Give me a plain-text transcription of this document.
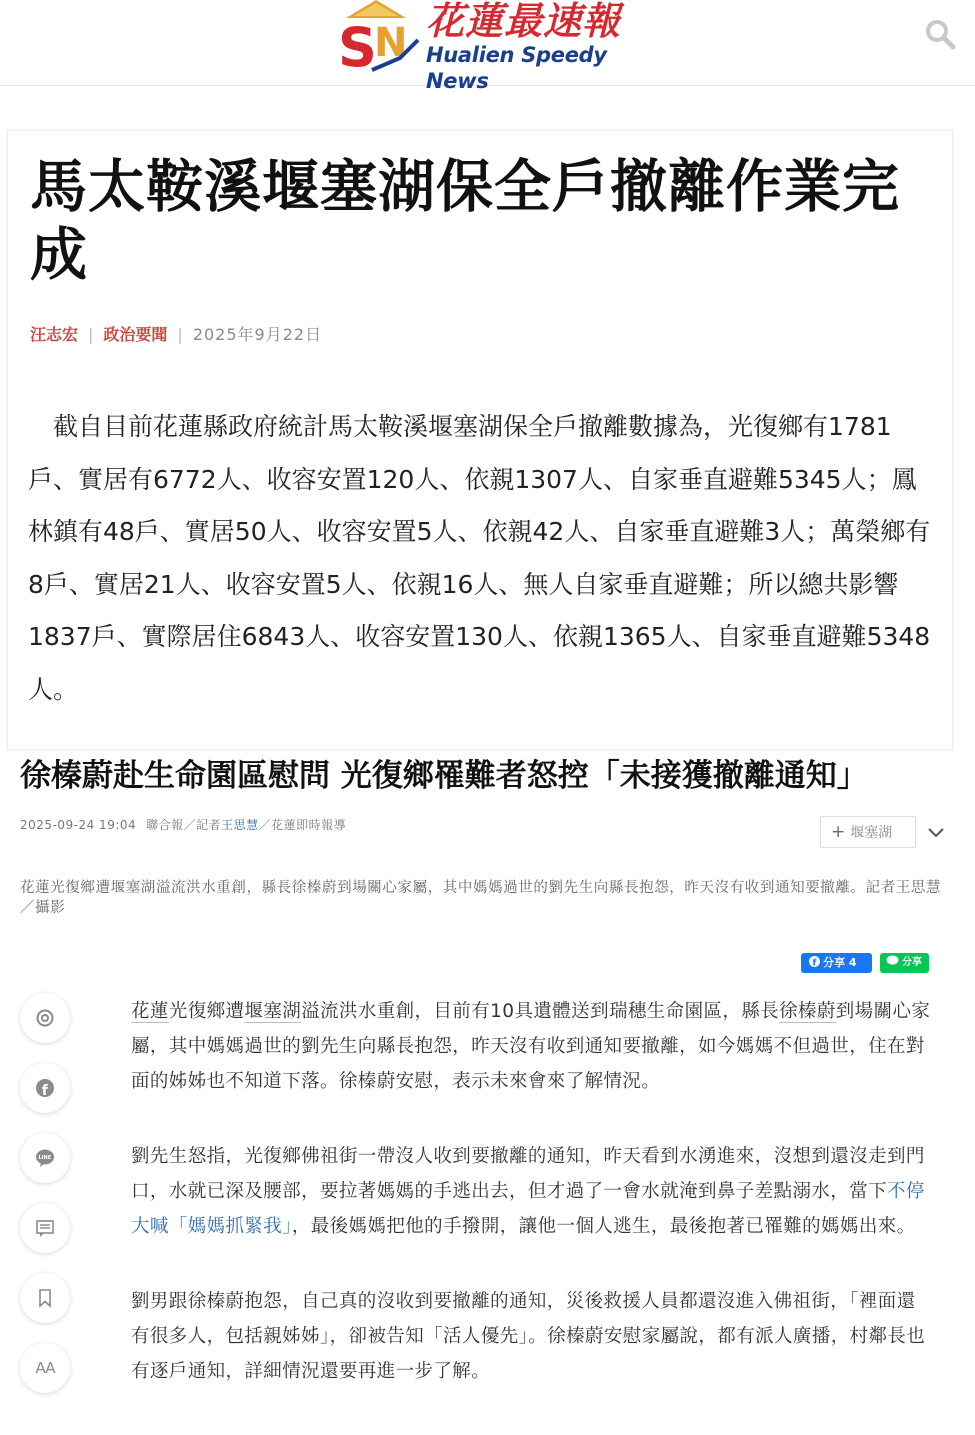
S
N 花蓮最速報
Hualien Speedy News
馬太鞍溪堰塞湖保全戶撤離作業完成
汪志宏 | 政治要聞 | 2025年9月22日

截自目前花蓮縣政府統計馬太鞍溪堰塞湖保全戶撤離數據為，光復鄉有1781戶、實居有6772人、收容安置120人、依親1307人、自家垂直避難5345人；鳳林鎮有48戶、實居50人、收容安置5人、依親42人、自家垂直避難3人；萬榮鄉有8戶、實居21人、收容安置5人、依親16人、無人自家垂直避難；所以總共影響1837戶、實際居住6843人、收容安置130人、依親1365人、自家垂直避難5348人。

徐榛蔚赴生命園區慰問 光復鄉罹難者怒控「未接獲撤離通知」
2025-09-24 19:04 聯合報／記者王思慧／花蓮即時報導	+ 堰塞湖

花蓮光復鄉遭堰塞湖溢流洪水重創，縣長徐榛蔚到場關心家屬，其中媽媽過世的劉先生向縣長抱怨，昨天沒有收到通知要撤離。記者王思慧／攝影

f 分享 4	分享
f
LINE
AA

花蓮光復鄉遭堰塞湖溢流洪水重創，目前有10具遺體送到瑞穗生命園區，縣長徐榛蔚到場關心家屬，其中媽媽過世的劉先生向縣長抱怨，昨天沒有收到通知要撤離，如今媽媽不但過世，住在對面的姊姊也不知道下落。徐榛蔚安慰，表示未來會來了解情況。

劉先生怒指，光復鄉佛祖街一帶沒人收到要撤離的通知，昨天看到水湧進來，沒想到還沒走到門口，水就已深及腰部，要拉著媽媽的手逃出去，但才過了一會水就淹到鼻子差點溺水，當下不停大喊「媽媽抓緊我」，最後媽媽把他的手撥開，讓他一個人逃生，最後抱著已罹難的媽媽出來。

劉男跟徐榛蔚抱怨，自己真的沒收到要撤離的通知，災後救援人員都還沒進入佛祖街，「裡面還有很多人，包括親姊姊」，卻被告知「活人優先」。徐榛蔚安慰家屬說，都有派人廣播，村鄰長也有逐戶通知，詳細情況還要再進一步了解。
